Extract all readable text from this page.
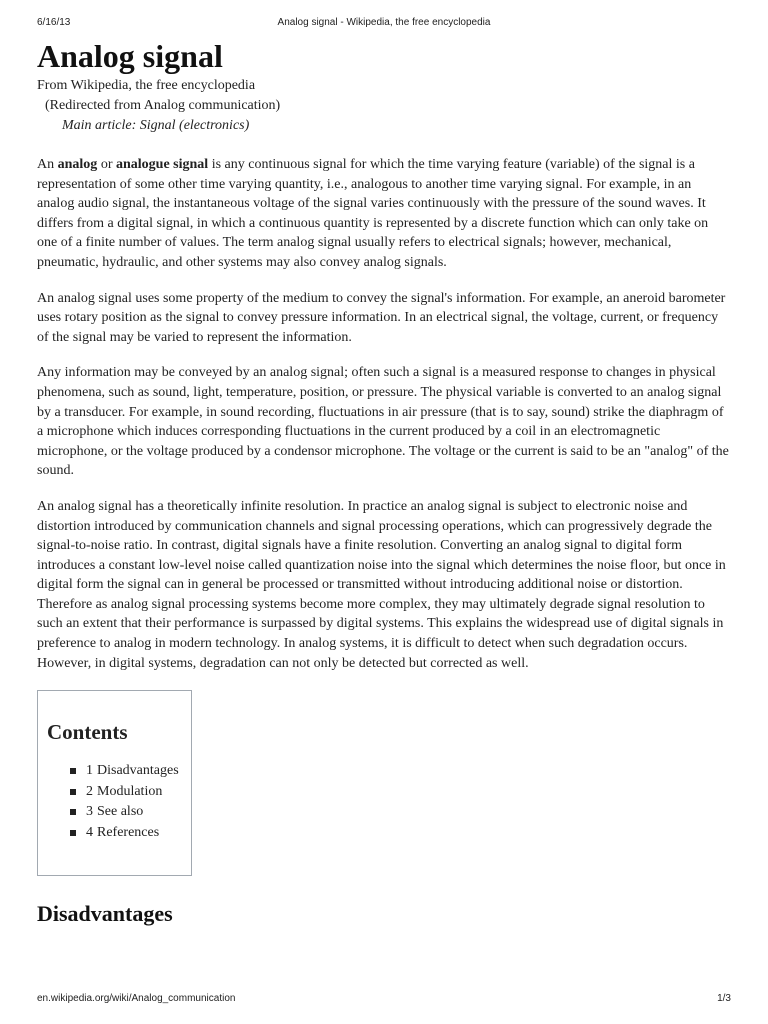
6/16/13	Analog signal - Wikipedia, the free encyclopedia
Analog signal

From Wikipedia, the free encyclopedia

(Redirected from Analog communication)

Main article: Signal (electronics)

An analog or analogue signal is any continuous signal for which the time varying feature (variable) of the signal is a representation of some other time varying quantity, i.e., analogous to another time varying signal. For example, in an analog audio signal, the instantaneous voltage of the signal varies continuously with the pressure of the sound waves. It differs from a digital signal, in which a continuous quantity is represented by a discrete function which can only take on one of a finite number of values. The term analog signal usually refers to electrical signals; however, mechanical, pneumatic, hydraulic, and other systems may also convey analog signals.

An analog signal uses some property of the medium to convey the signal's information. For example, an aneroid barometer uses rotary position as the signal to convey pressure information. In an electrical signal, the voltage, current, or frequency of the signal may be varied to represent the information.

Any information may be conveyed by an analog signal; often such a signal is a measured response to changes in physical phenomena, such as sound, light, temperature, position, or pressure. The physical variable is converted to an analog signal by a transducer. For example, in sound recording, fluctuations in air pressure (that is to say, sound) strike the diaphragm of a microphone which induces corresponding fluctuations in the current produced by a coil in an electromagnetic microphone, or the voltage produced by a condensor microphone. The voltage or the current is said to be an "analog" of the sound.

An analog signal has a theoretically infinite resolution. In practice an analog signal is subject to electronic noise and distortion introduced by communication channels and signal processing operations, which can progressively degrade the signal-to-noise ratio. In contrast, digital signals have a finite resolution. Converting an analog signal to digital form introduces a constant low-level noise called quantization noise into the signal which determines the noise floor, but once in digital form the signal can in general be processed or transmitted without introducing additional noise or distortion. Therefore as analog signal processing systems become more complex, they may ultimately degrade signal resolution to such an extent that their performance is surpassed by digital systems. This explains the widespread use of digital signals in preference to analog in modern technology. In analog systems, it is difficult to detect when such degradation occurs. However, in digital systems, degradation can not only be detected but corrected as well.

Contents
1 Disadvantages
2 Modulation
3 See also
4 References
Disadvantages
en.wikipedia.org/wiki/Analog_communication	1/3
